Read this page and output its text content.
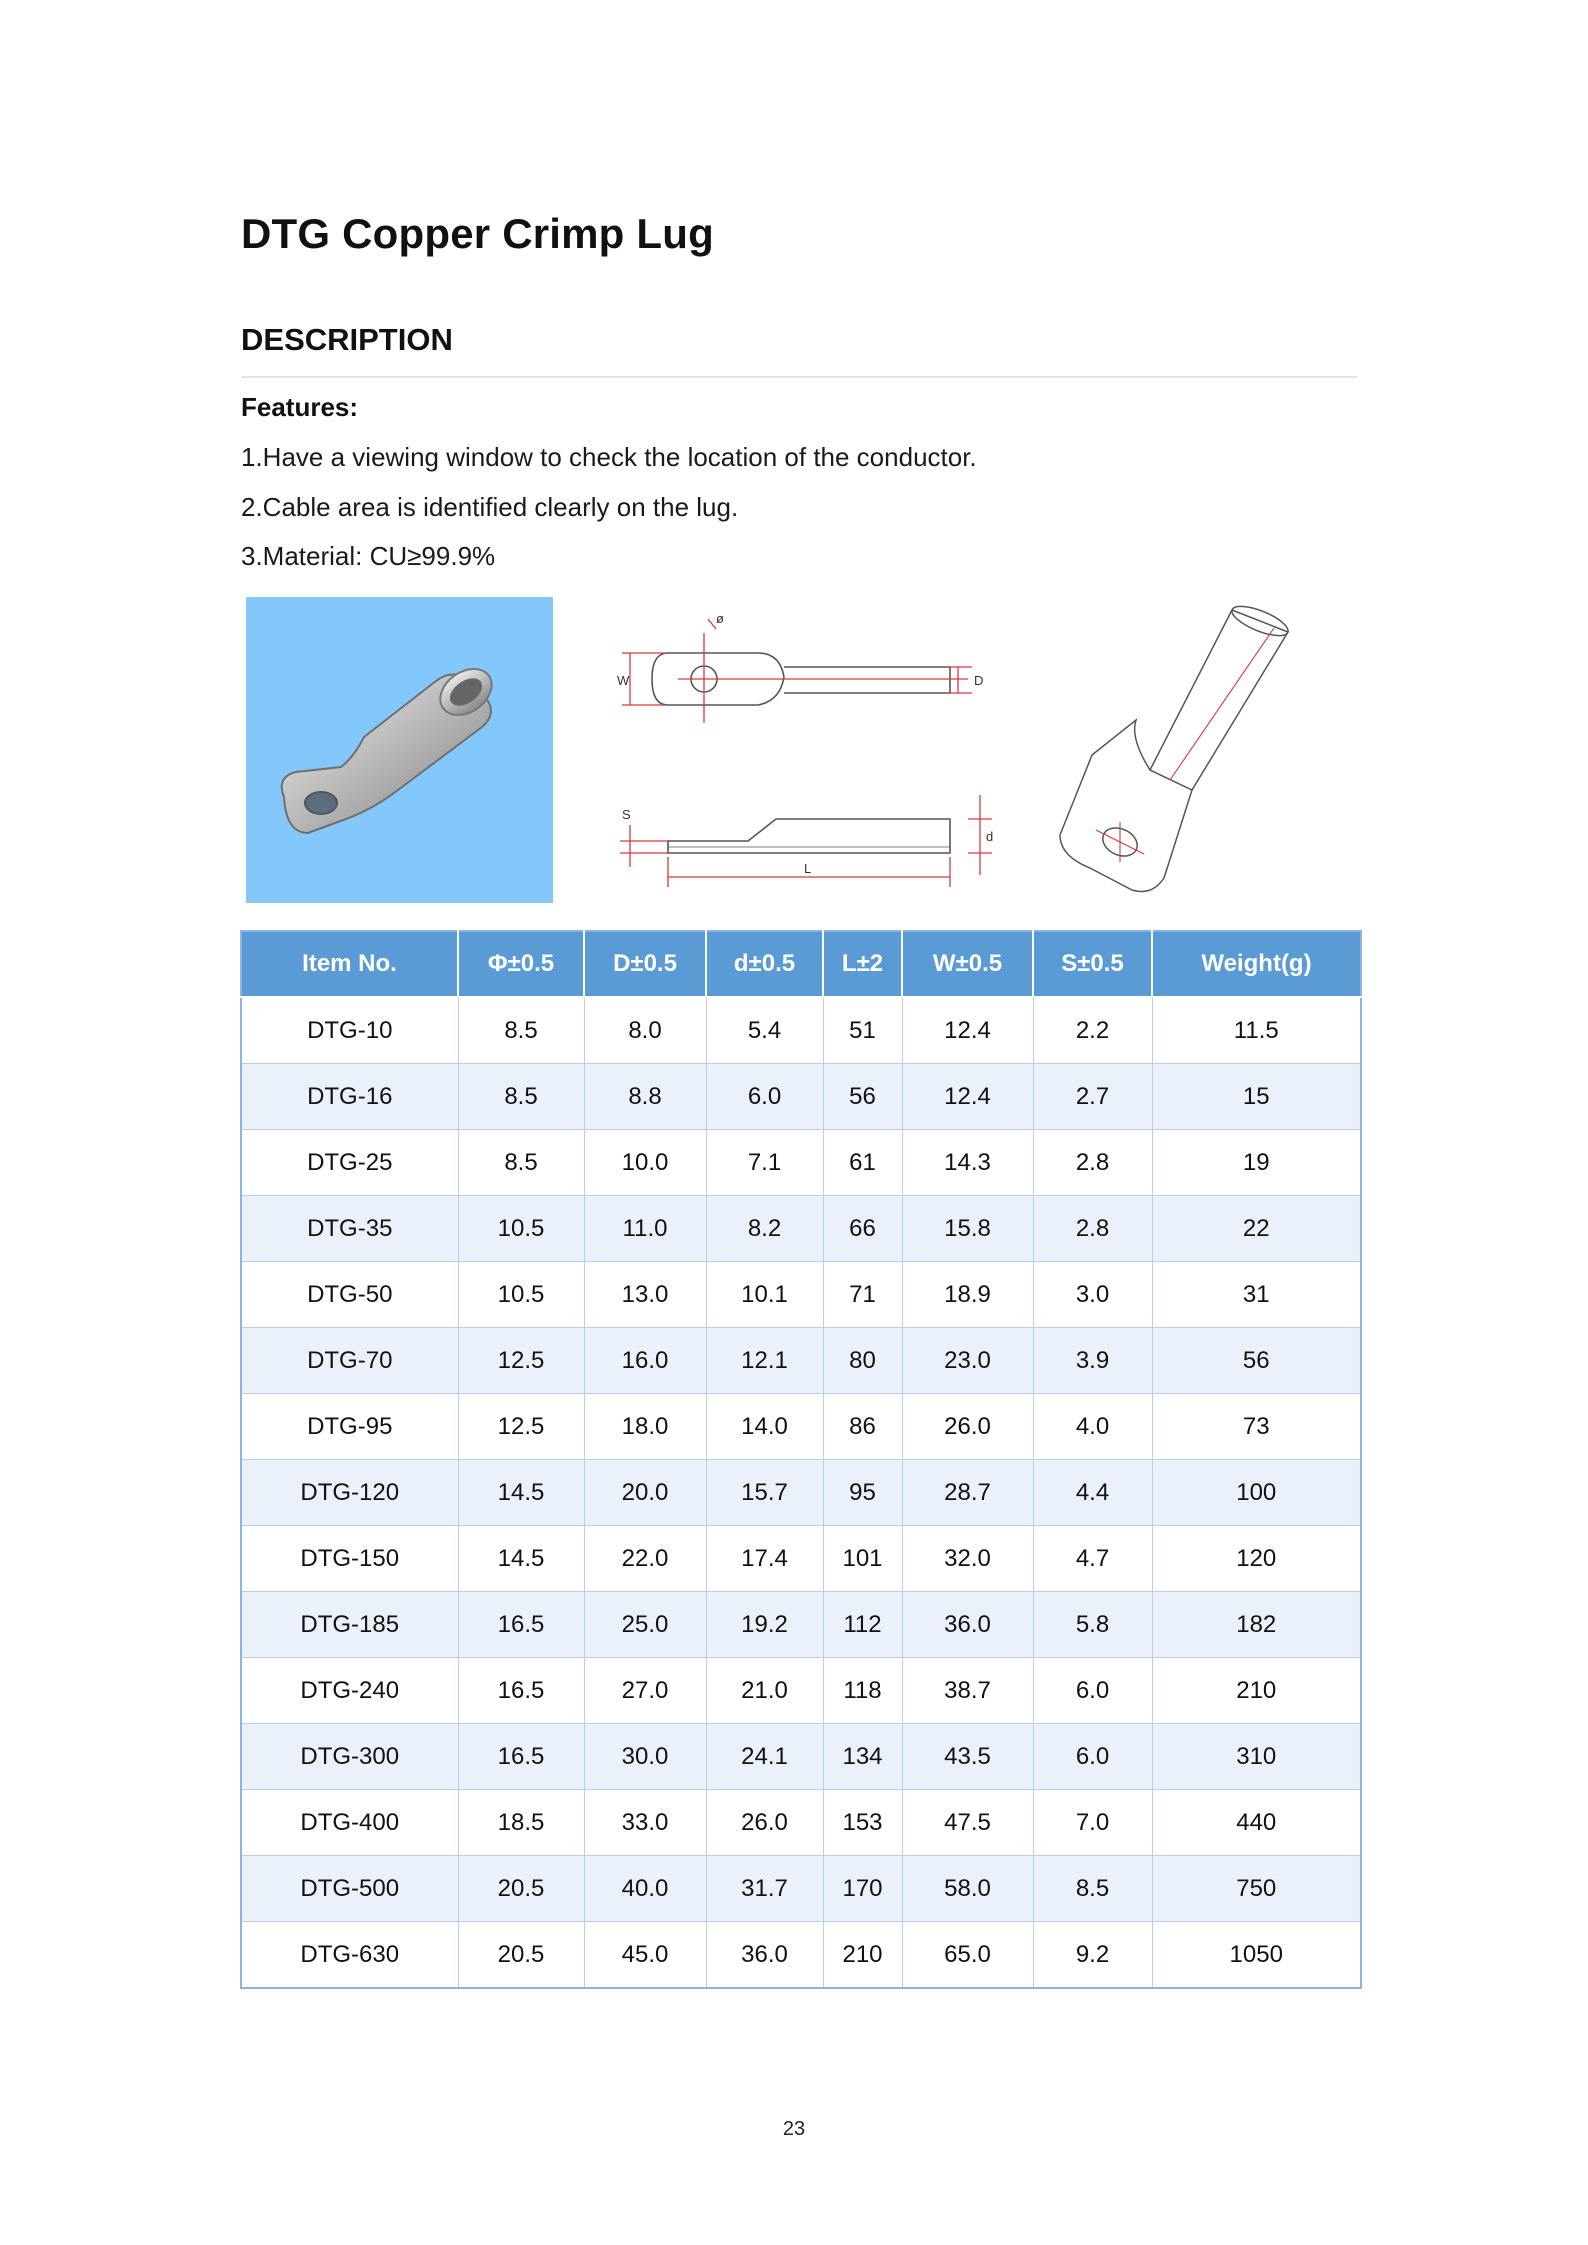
DTG Copper Crimp Lug
DESCRIPTION
Features:
1.Have a viewing window to check the location of the conductor.
2.Cable area is identified clearly on the lug.
3.Material: CU≥99.9%
W
ø
D
S
d
L
Item No.	Φ±0.5	D±0.5	d±0.5	L±2	W±0.5	S±0.5	Weight(g)
DTG-10	8.5	8.0	5.4	51	12.4	2.2	11.5
DTG-16	8.5	8.8	6.0	56	12.4	2.7	15
DTG-25	8.5	10.0	7.1	61	14.3	2.8	19
DTG-35	10.5	11.0	8.2	66	15.8	2.8	22
DTG-50	10.5	13.0	10.1	71	18.9	3.0	31
DTG-70	12.5	16.0	12.1	80	23.0	3.9	56
DTG-95	12.5	18.0	14.0	86	26.0	4.0	73
DTG-120	14.5	20.0	15.7	95	28.7	4.4	100
DTG-150	14.5	22.0	17.4	101	32.0	4.7	120
DTG-185	16.5	25.0	19.2	112	36.0	5.8	182
DTG-240	16.5	27.0	21.0	118	38.7	6.0	210
DTG-300	16.5	30.0	24.1	134	43.5	6.0	310
DTG-400	18.5	33.0	26.0	153	47.5	7.0	440
DTG-500	20.5	40.0	31.7	170	58.0	8.5	750
DTG-630	20.5	45.0	36.0	210	65.0	9.2	1050
23
